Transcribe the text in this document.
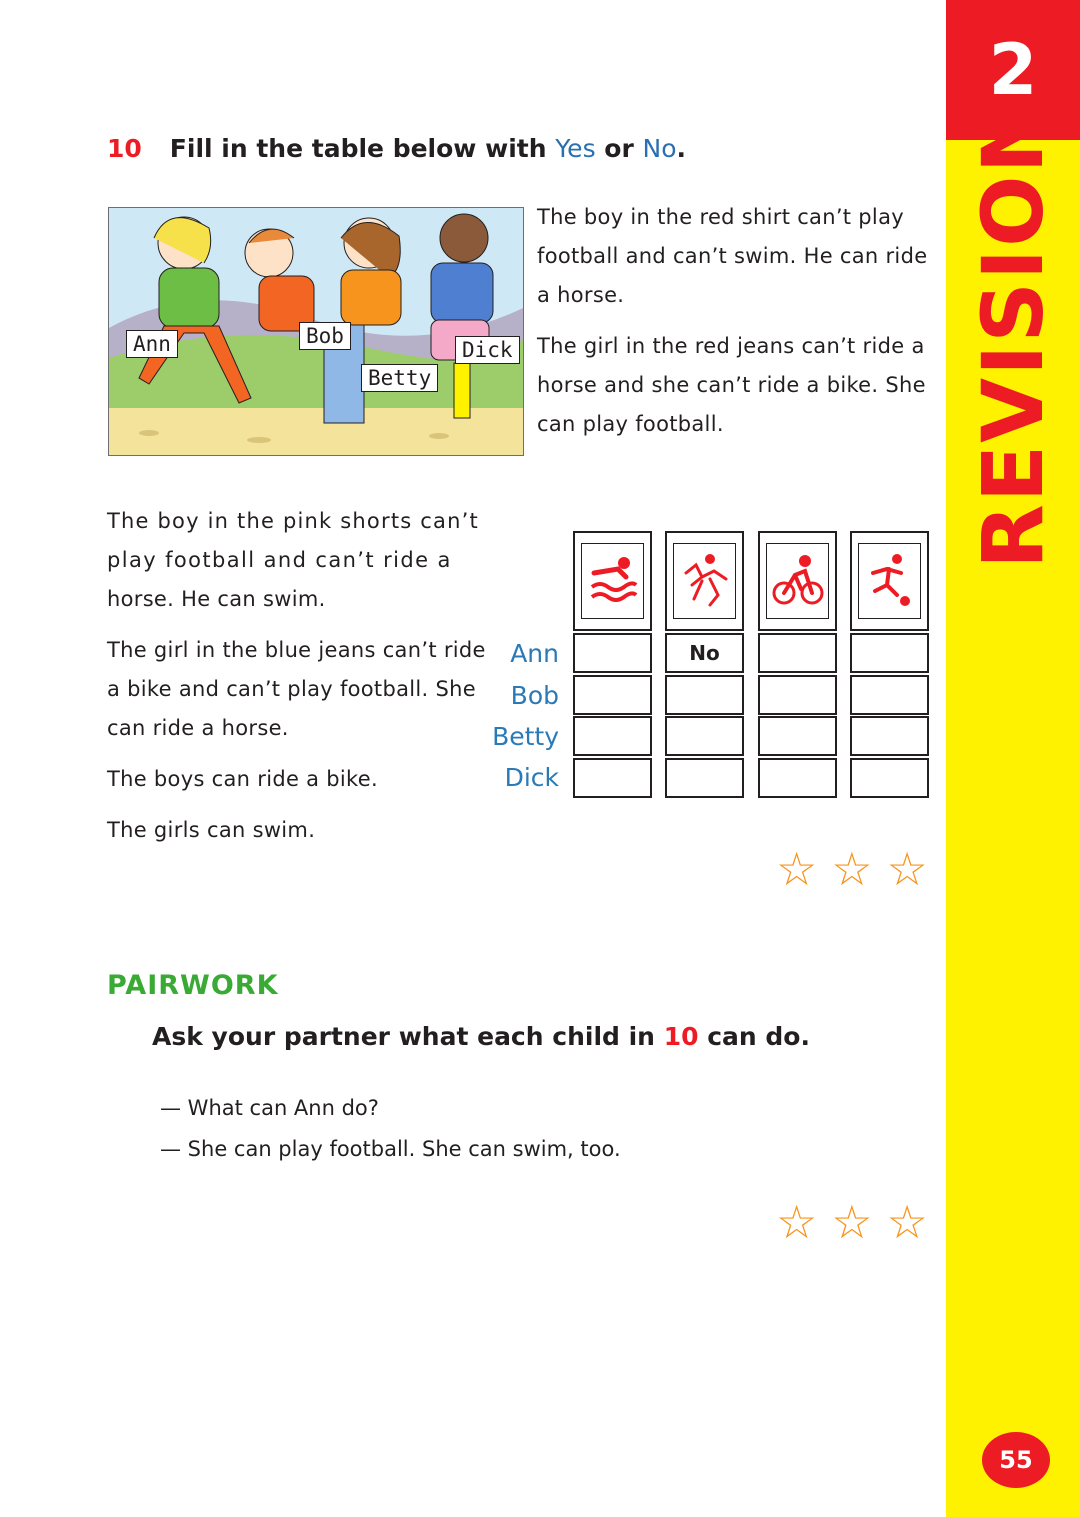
2
REVISION
55
10 Fill in the table below with Yes or No.
Ann	Bob
Betty
Dick
The boy in the red shirt can’t play
football and can’t swim. He can ride
a horse.
The girl in the red jeans can’t ride a
horse and she can’t ride a bike. She
can play football.
The boy in the pink shorts can’t
play football and can’t ride a
horse. He can swim.
The girl in the blue jeans can’t ride
a bike and can’t play football. She
can ride a horse.
The boys can ride a bike.
The girls can swim.
Ann	No
Bob
Betty
Dick
☆ ☆ ☆
PAIRWORK
Ask your partner what each child in 10 can do.
— What can Ann do?
— She can play football. She can swim, too.
☆ ☆ ☆
